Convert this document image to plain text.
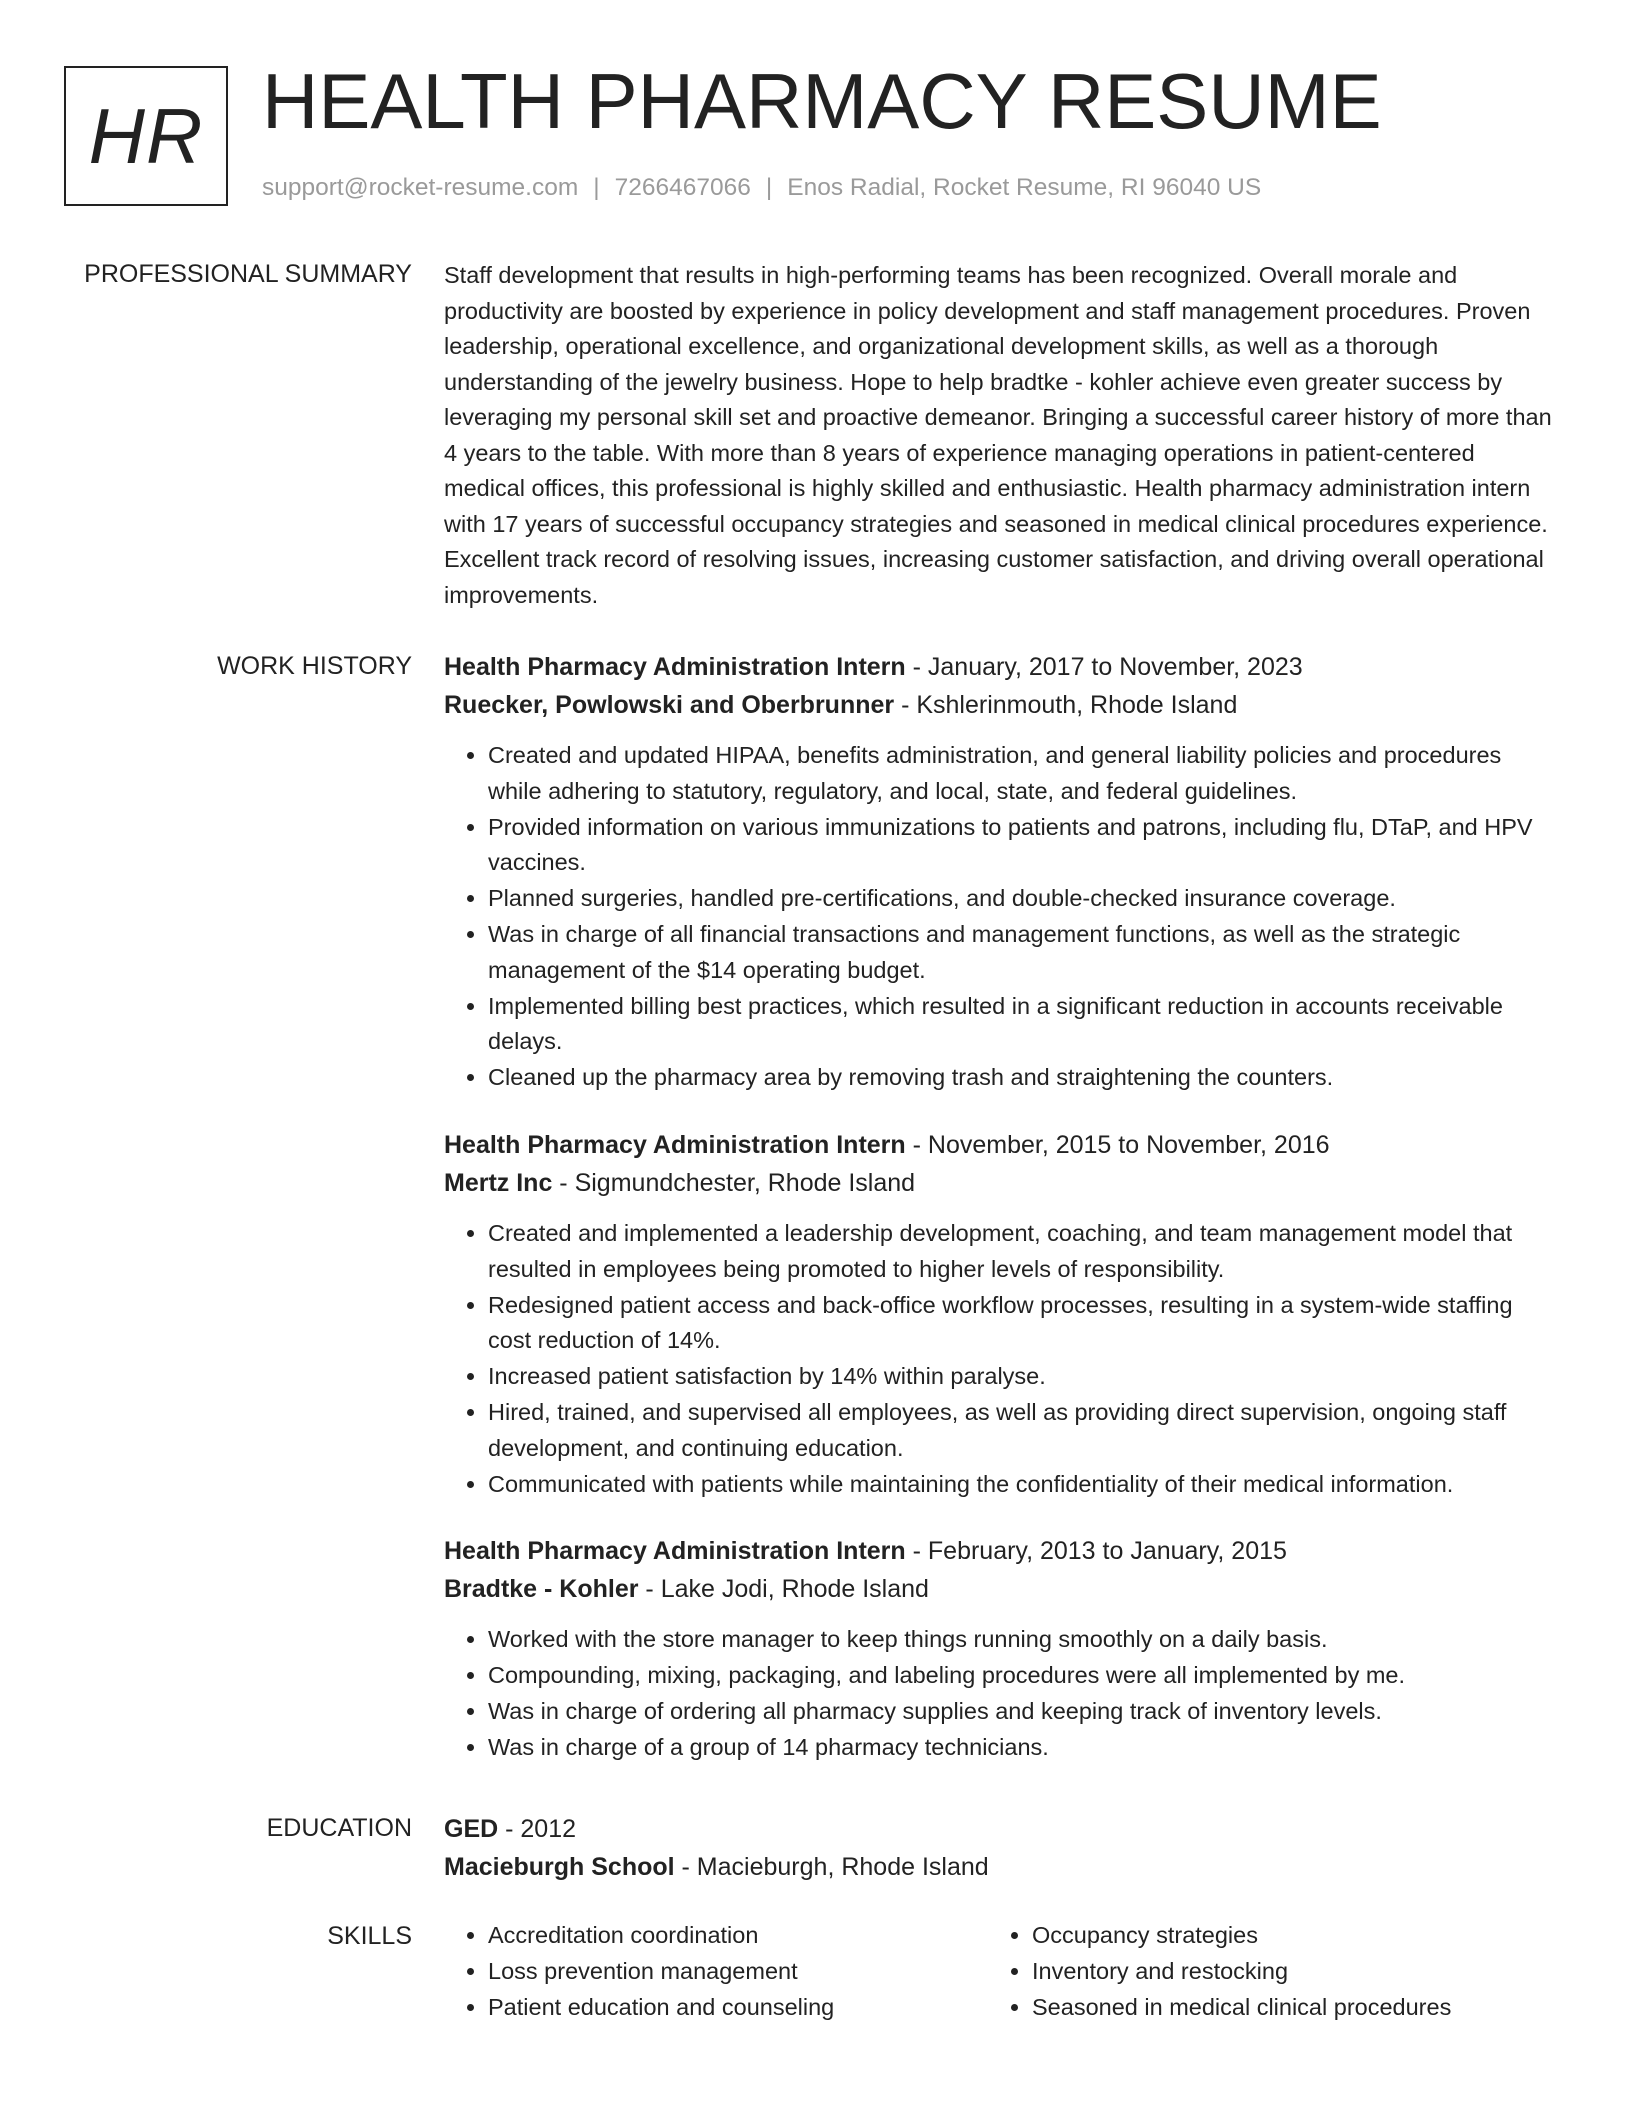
HR HEALTH PHARMACY RESUME
support@rocket-resume.com | 7266467066 | Enos Radial, Rocket Resume, RI 96040 US
PROFESSIONAL SUMMARY Staff development that results in high-performing teams has been recognized. Overall morale and productivity are boosted by experience in policy development and staff management procedures. Proven leadership, operational excellence, and organizational development skills, as well as a thorough understanding of the jewelry business. Hope to help bradtke - kohler achieve even greater success by leveraging my personal skill set and proactive demeanor. Bringing a successful career history of more than 4 years to the table. With more than 8 years of experience managing operations in patient-centered medical offices, this professional is highly skilled and enthusiastic. Health pharmacy administration intern with 17 years of successful occupancy strategies and seasoned in medical clinical procedures experience. Excellent track record of resolving issues, increasing customer satisfaction, and driving overall operational improvements.

WORK HISTORY Health Pharmacy Administration Intern - January, 2017 to November, 2023
Ruecker, Powlowski and Oberbrunner - Kshlerinmouth, Rhode Island
• Created and updated HIPAA, benefits administration, and general liability policies and procedures while adhering to statutory, regulatory, and local, state, and federal guidelines.
• Provided information on various immunizations to patients and patrons, including flu, DTaP, and HPV vaccines.
• Planned surgeries, handled pre-certifications, and double-checked insurance coverage.
• Was in charge of all financial transactions and management functions, as well as the strategic management of the $14 operating budget.
• Implemented billing best practices, which resulted in a significant reduction in accounts receivable delays.
• Cleaned up the pharmacy area by removing trash and straightening the counters.
Health Pharmacy Administration Intern - November, 2015 to November, 2016
Mertz Inc - Sigmundchester, Rhode Island
• Created and implemented a leadership development, coaching, and team management model that resulted in employees being promoted to higher levels of responsibility.
• Redesigned patient access and back-office workflow processes, resulting in a system-wide staffing cost reduction of 14%.
• Increased patient satisfaction by 14% within paralyse.
• Hired, trained, and supervised all employees, as well as providing direct supervision, ongoing staff development, and continuing education.
• Communicated with patients while maintaining the confidentiality of their medical information.
Health Pharmacy Administration Intern - February, 2013 to January, 2015
Bradtke - Kohler - Lake Jodi, Rhode Island
• Worked with the store manager to keep things running smoothly on a daily basis.
• Compounding, mixing, packaging, and labeling procedures were all implemented by me.
• Was in charge of ordering all pharmacy supplies and keeping track of inventory levels.
• Was in charge of a group of 14 pharmacy technicians.
EDUCATION GED - 2012
Macieburgh School - Macieburgh, Rhode Island
SKILLS
•	Accreditation coordination
• Loss prevention management
• Patient education and counseling
• Occupancy strategies
• Inventory and restocking
• Seasoned in medical clinical procedures
